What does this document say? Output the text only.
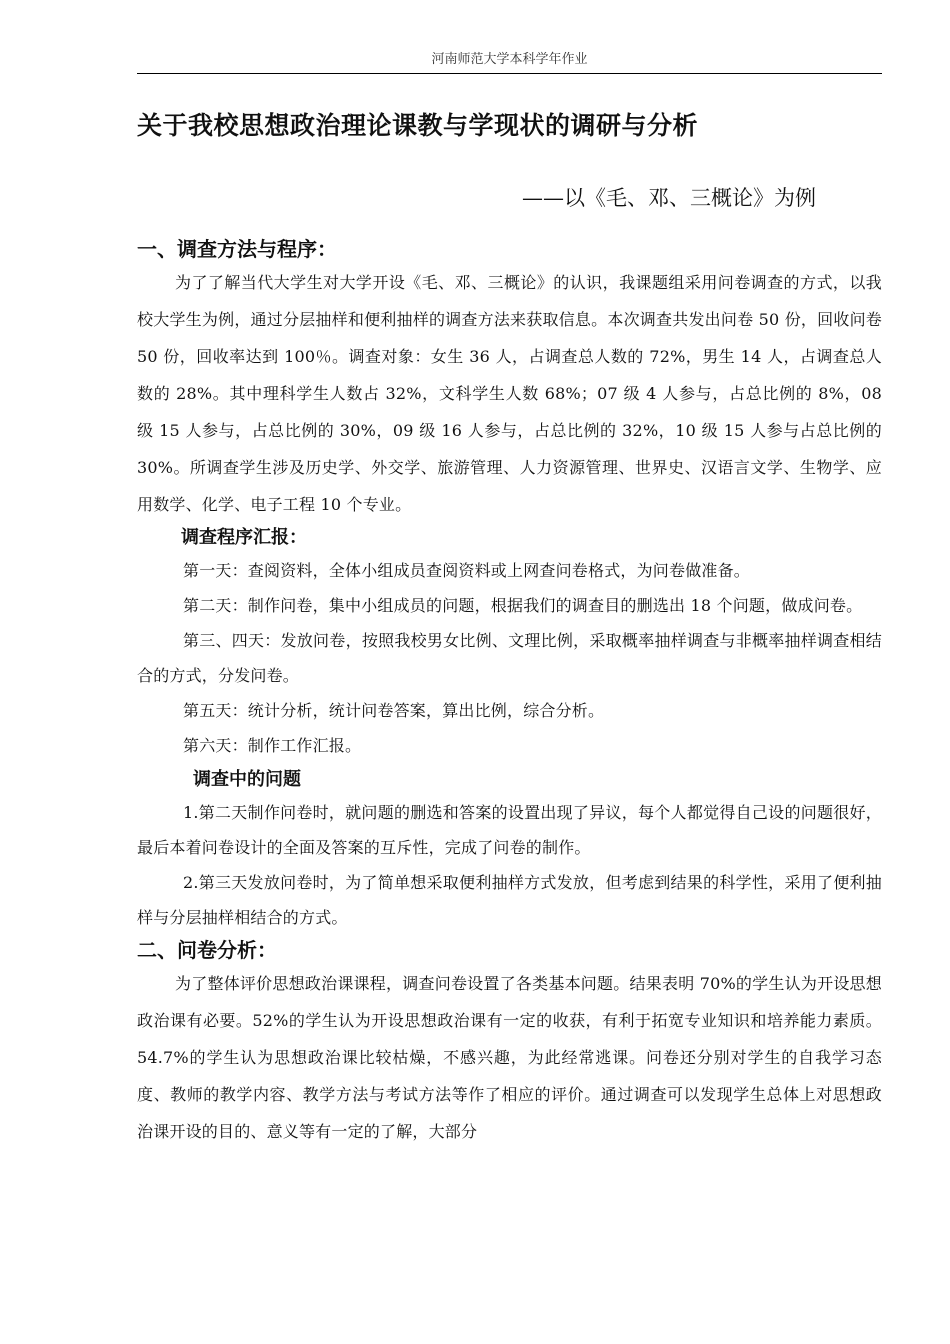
河南师范大学本科学年作业
关于我校思想政治理论课教与学现状的调研与分析
——以《毛、邓、三概论》为例
一、调查方法与程序：

为了了解当代大学生对大学开设《毛、邓、三概论》的认识，我课题组采用问卷调查的方式，以我校大学生为例，通过分层抽样和便利抽样的调查方法来获取信息。本次调查共发出问卷 50 份，回收问卷 50 份，回收率达到 100％。调查对象：女生 36 人，占调查总人数的 72%，男生 14 人，占调查总人数的 28%。其中理科学生人数占 32%，文科学生人数 68%；07 级 4 人参与，占总比例的 8%，08 级 15 人参与，占总比例的 30%，09 级 16 人参与，占总比例的 32%，10 级 15 人参与占总比例的 30%。所调查学生涉及历史学、外交学、旅游管理、人力资源管理、世界史、汉语言文学、生物学、应用数学、化学、电子工程 10 个专业。

调查程序汇报：

第一天：查阅资料，全体小组成员查阅资料或上网查问卷格式，为问卷做准备。

第二天：制作问卷，集中小组成员的问题，根据我们的调查目的删选出 18 个问题，做成问卷。

第三、四天：发放问卷，按照我校男女比例、文理比例，采取概率抽样调查与非概率抽样调查相结合的方式，分发问卷。

第五天：统计分析，统计问卷答案，算出比例，综合分析。

第六天：制作工作汇报。

调查中的问题

1.第二天制作问卷时，就问题的删选和答案的设置出现了异议，每个人都觉得自己设的问题很好，最后本着问卷设计的全面及答案的互斥性，完成了问卷的制作。

2.第三天发放问卷时，为了简单想采取便利抽样方式发放，但考虑到结果的科学性，采用了便利抽样与分层抽样相结合的方式。

二、问卷分析：

为了整体评价思想政治课课程，调查问卷设置了各类基本问题。结果表明 70%的学生认为开设思想政治课有必要。52%的学生认为开设思想政治课有一定的收获，有利于拓宽专业知识和培养能力素质。54.7%的学生认为思想政治课比较枯燥，不感兴趣，为此经常逃课。问卷还分别对学生的自我学习态度、教师的教学内容、教学方法与考试方法等作了相应的评价。通过调查可以发现学生总体上对思想政治课开设的目的、意义等有一定的了解，大部分
